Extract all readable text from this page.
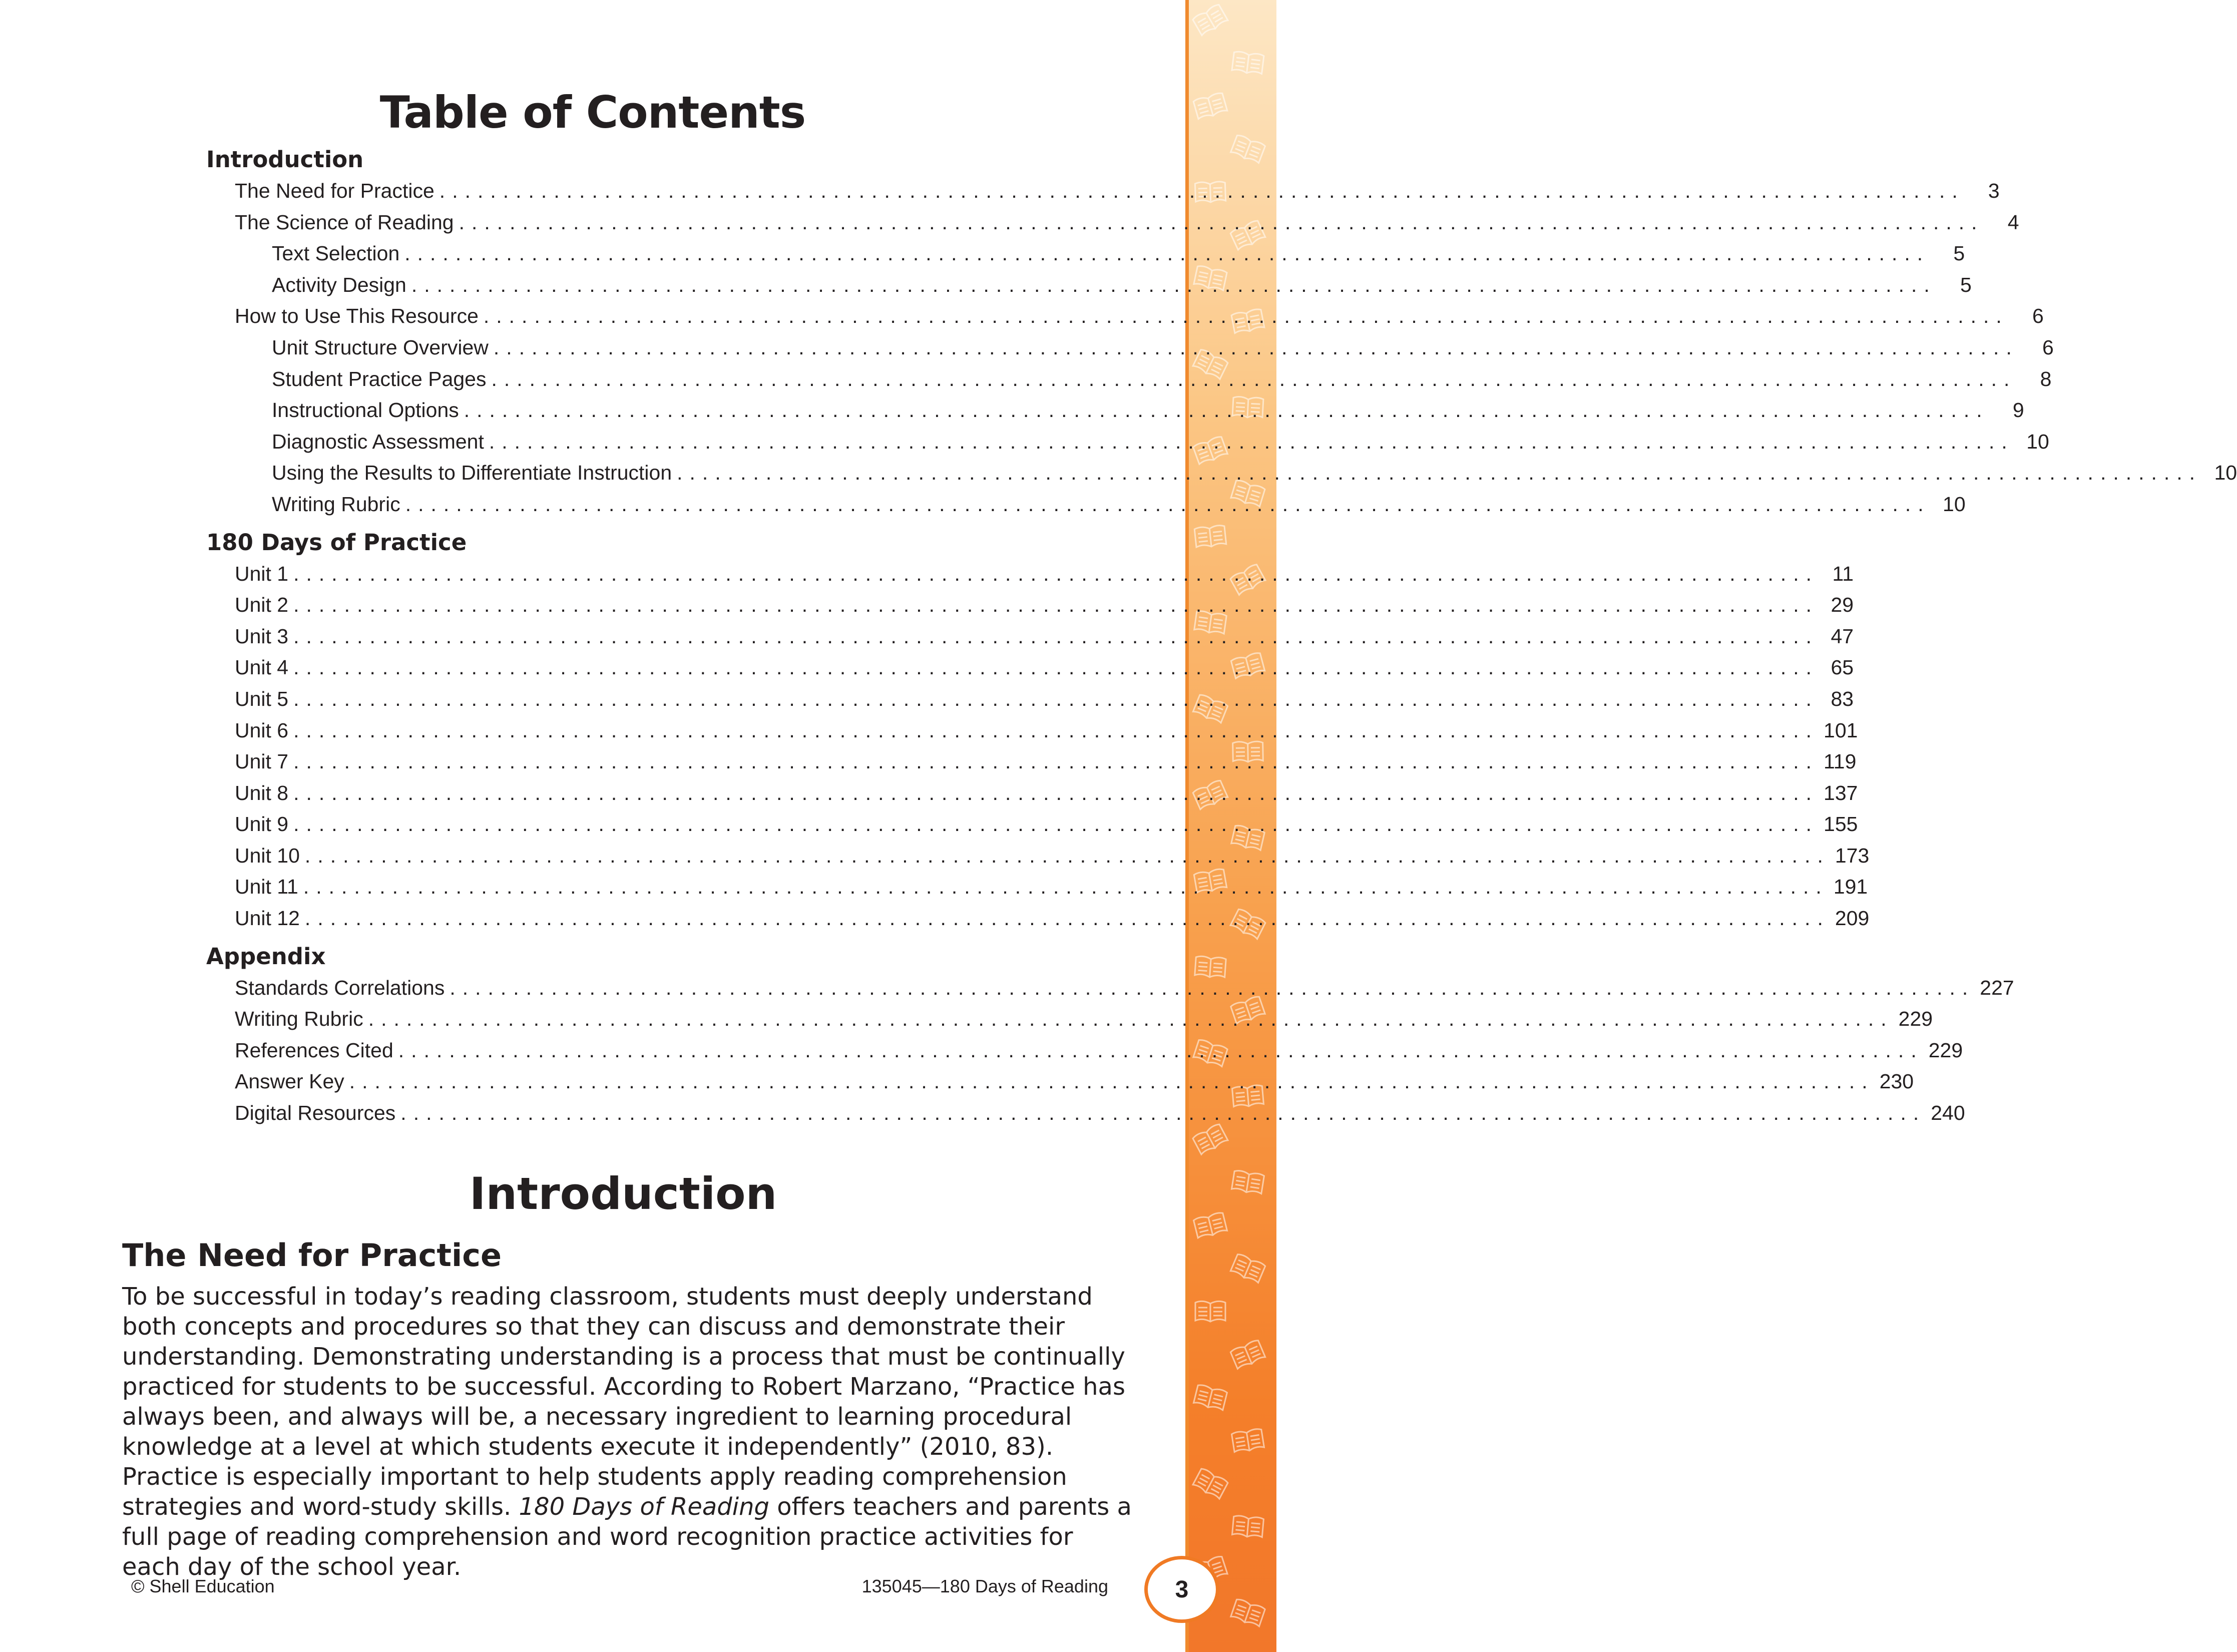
Table of Contents
Introduction
The Need for Practice ........................................................................................................................	3
The Science of Reading ........................................................................................................................	4
Text Selection ........................................................................................................................	5
Activity Design ........................................................................................................................	5
How to Use This Resource ........................................................................................................................	6
Unit Structure Overview ........................................................................................................................	6
Student Practice Pages ........................................................................................................................	8
Instructional Options ........................................................................................................................	9
Diagnostic Assessment ........................................................................................................................ 10
Using the Results to Differentiate Instruction ........................................................................................................................ 10
Writing Rubric ........................................................................................................................ 10
180 Days of Practice
Unit 1 ........................................................................................................................ 11
Unit 2 ........................................................................................................................ 29
Unit 3 ........................................................................................................................ 47
Unit 4 ........................................................................................................................ 65
Unit 5 ........................................................................................................................ 83
Unit 6 ........................................................................................................................ 101
Unit 7 ........................................................................................................................ 119
Unit 8 ........................................................................................................................ 137
Unit 9 ........................................................................................................................ 155
Unit 10 ........................................................................................................................ 173
Unit 11 ........................................................................................................................ 191
Unit 12 ........................................................................................................................ 209
Appendix
Standards Correlations ........................................................................................................................ 227
Writing Rubric ........................................................................................................................ 229
References Cited ........................................................................................................................ 229
Answer Key ........................................................................................................................ 230
Digital Resources ........................................................................................................................ 240
Introduction
The Need for Practice

To be successful in today’s reading classroom, students must deeply understand both concepts and procedures so that they can discuss and demonstrate their understanding. Demonstrating understanding is a process that must be continually practiced for students to be successful. According to Robert Marzano, “Practice has always been, and always will be, a necessary ingredient to learning procedural knowledge at a level at which students execute it independently” (2010, 83). Practice is especially important to help students apply reading comprehension strategies and word-study skills. 180 Days of Reading offers teachers and parents a full page of reading comprehension and word recognition practice activities for each day of the school year.

© Shell Education	135045—180 Days of Reading	3
